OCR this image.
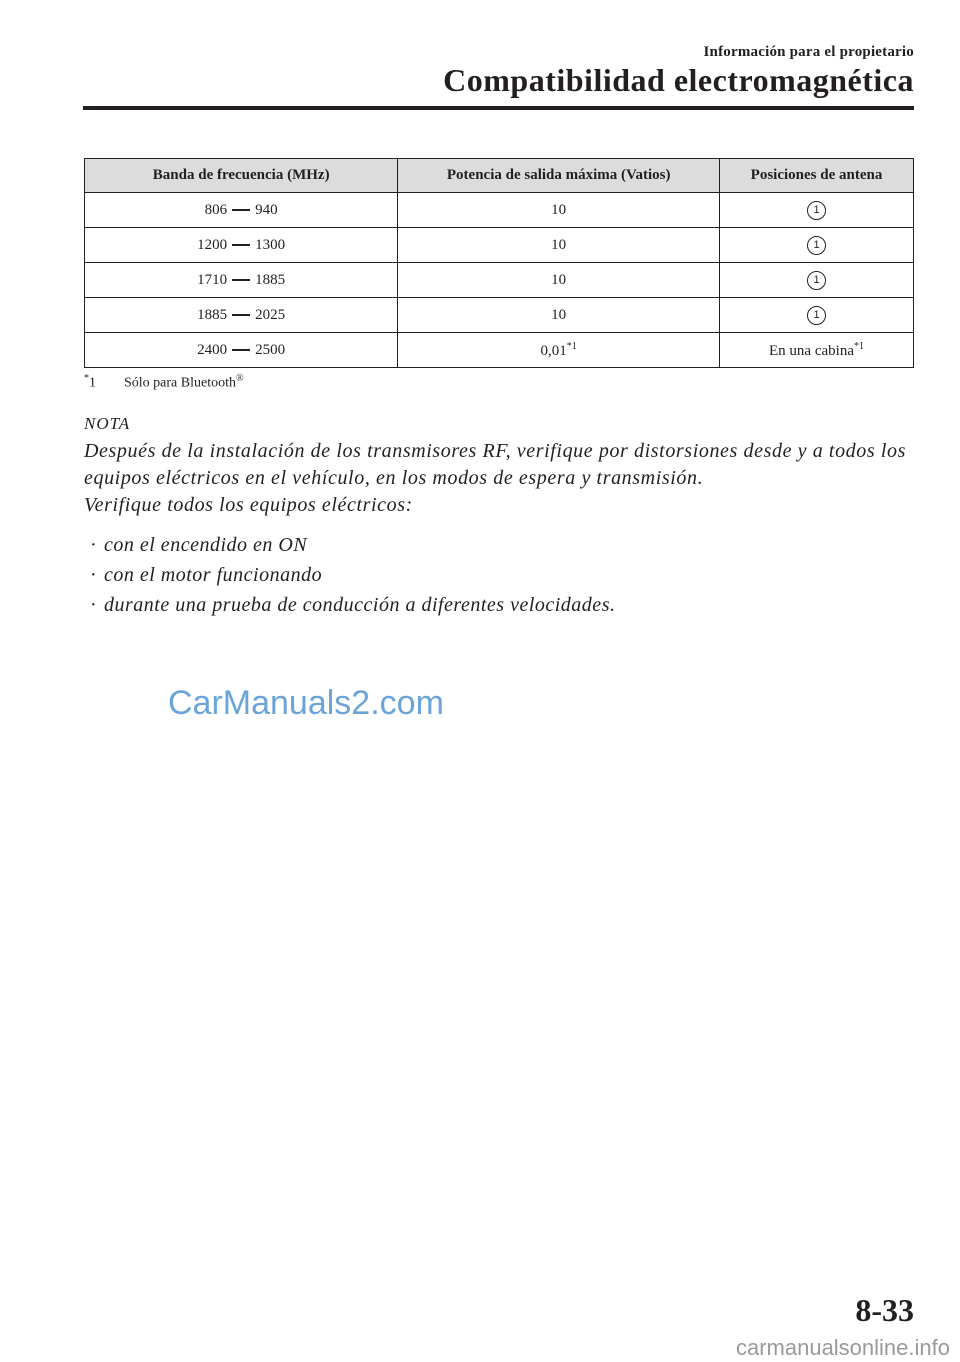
Información para el propietario
Compatibilidad electromagnética
Banda de frecuencia (MHz)	Potencia de salida máxima (Vatios)	Posiciones de antena
806 940	10	1
1200 1300	10	1
1710 1885	10	1
1885 2025	10	1
2400 2500	0,01$^{*1}$	En una cabina$^{*1}$
*1 Sólo para Bluetooth®
NOTA

Después de la instalación de los transmisores RF, verifique por distorsiones desde y a todos los equipos eléctricos en el vehículo, en los modos de espera y transmisión.

Verifique todos los equipos eléctricos:

· con el encendido en ON
· con el motor funcionando
· durante una prueba de conducción a diferentes velocidades.
CarManuals2.com
8-33
carmanualsonline.info
